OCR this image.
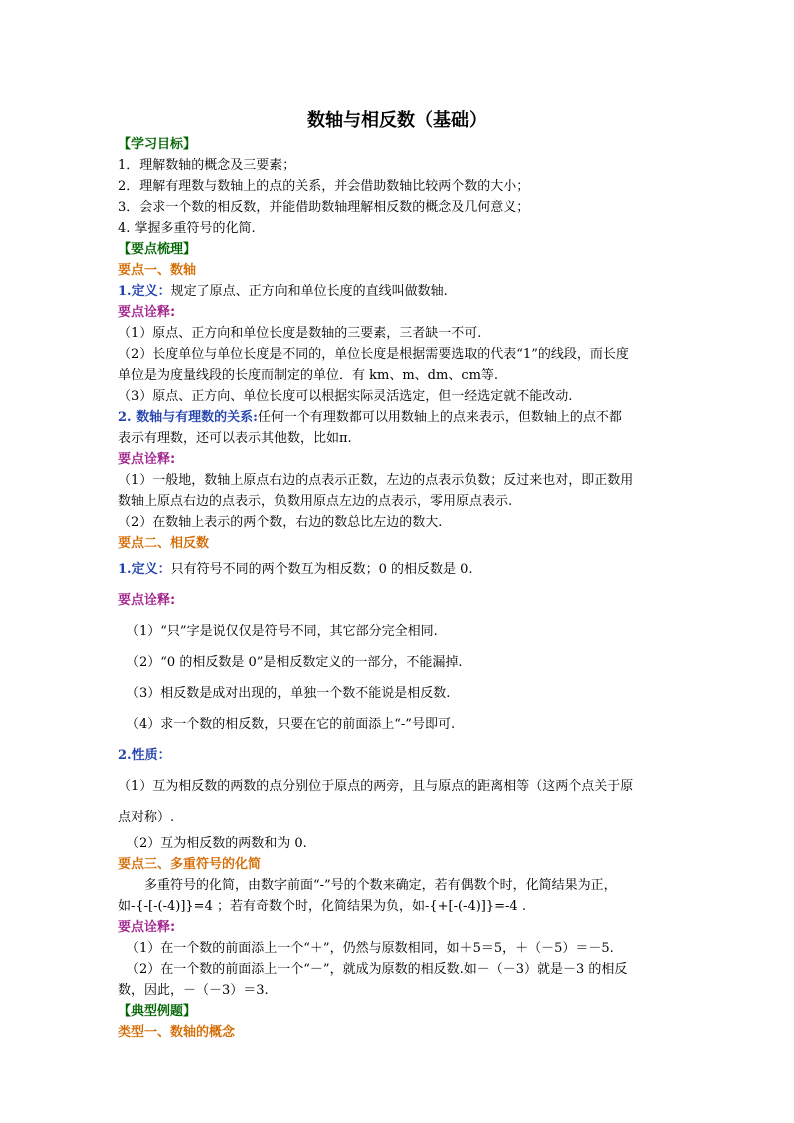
数轴与相反数（基础）
【学习目标】
1．理解数轴的概念及三要素；
2．理解有理数与数轴上的点的关系，并会借助数轴比较两个数的大小；
3．会求一个数的相反数，并能借助数轴理解相反数的概念及几何意义；
4. 掌握多重符号的化简.
【要点梳理】
要点一、数轴
1.定义：规定了原点、正方向和单位长度的直线叫做数轴.
要点诠释:
（1）原点、正方向和单位长度是数轴的三要素，三者缺一不可.
（2）长度单位与单位长度是不同的，单位长度是根据需要选取的代表“1”的线段，而长度
单位是为度量线段的长度而制定的单位．有 km、m、dm、cm等.
（3）原点、正方向、单位长度可以根据实际灵活选定，但一经选定就不能改动.
2. 数轴与有理数的关系:任何一个有理数都可以用数轴上的点来表示，但数轴上的点不都
表示有理数，还可以表示其他数，比如π.
要点诠释:
（1）一般地，数轴上原点右边的点表示正数，左边的点表示负数；反过来也对，即正数用
数轴上原点右边的点表示，负数用原点左边的点表示，零用原点表示.
（2）在数轴上表示的两个数，右边的数总比左边的数大.
要点二、相反数
1.定义： 只有符号不同的两个数互为相反数；0 的相反数是 0.
要点诠释:
（1）“只”字是说仅仅是符号不同，其它部分完全相同.
（2）“0 的相反数是 0”是相反数定义的一部分，不能漏掉.
（3）相反数是成对出现的，单独一个数不能说是相反数.
（4）求一个数的相反数，只要在它的前面添上“-”号即可.
2.性质：
（1）互为相反数的两数的点分别位于原点的两旁，且与原点的距离相等（这两个点关于原
点对称）.
（2）互为相反数的两数和为 0.
要点三、多重符号的化简
多重符号的化简，由数字前面“-”号的个数来确定，若有偶数个时，化简结果为正，
如-{-[-(-4)]}=4 ；若有奇数个时，化简结果为负，如-{+[-(-4)]}=-4 .
要点诠释:
（1）在一个数的前面添上一个“＋”，仍然与原数相同，如＋5＝5，＋（－5）＝－5.
（2）在一个数的前面添上一个“－”，就成为原数的相反数.如－（－3）就是－3 的相反
数，因此，－（－3）＝3.
【典型例题】
类型一、数轴的概念
